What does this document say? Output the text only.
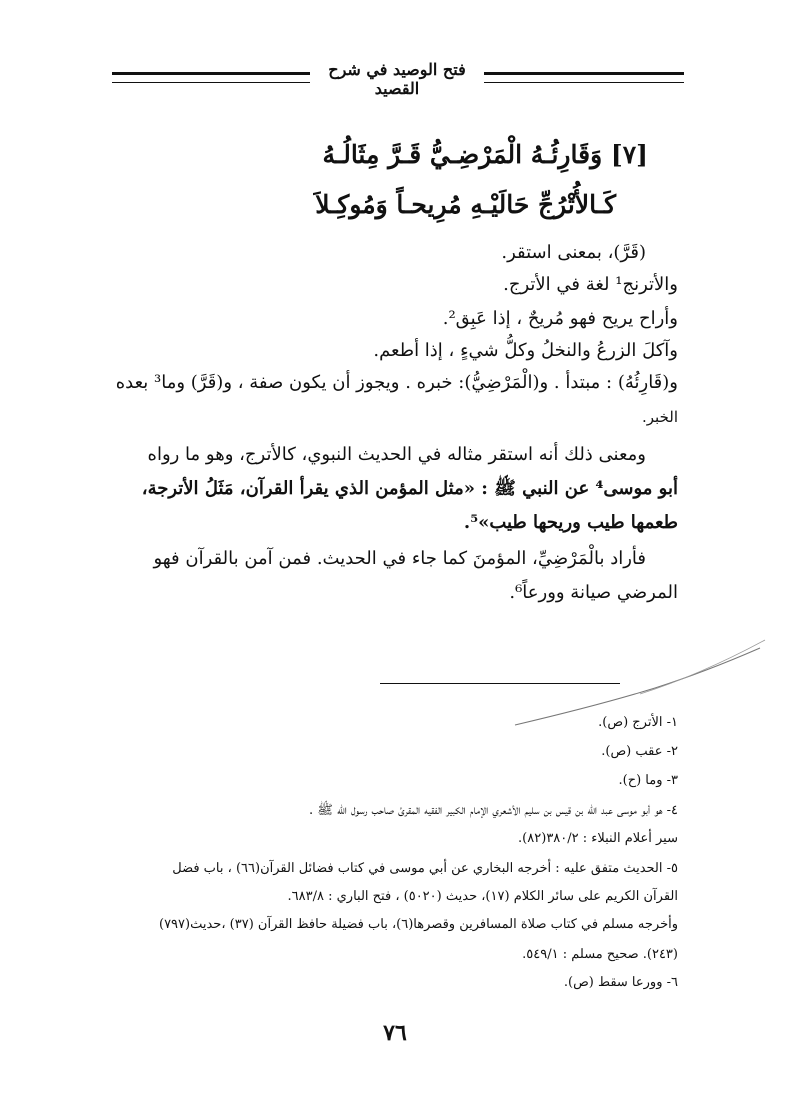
فتح الوصيد في شرح القصيد
[٧] وَقَارِئُـهُ الْمَرْضِـيُّ قَـرَّ مِثَالُـهُ
كَـالأُتْرُجِّ حَالَيْـهِ مُرِيحـاً وَمُوكِـلاَ
(قَرَّ)، بمعنى استقر.
والأترنج¹ لغة في الأترج.
وأراح يريح فهو مُريحٌ ، إذا عَبِق².
وآكلَ الزرعُ والنخلُ وكلُّ شيءٍ ، إذا أطعم.
و(قَارِئُهُ) : مبتدأ . و(الْمَرْضِيُّ): خبره . ويجوز أن يكون صفة ، و(قَرَّ) وما³ بعده
الخبر.
ومعنى ذلك أنه استقر مثاله في الحديث النبوي، كالأترج، وهو ما رواه
أبو موسى⁴ عن النبي ﷺ : «مثل المؤمن الذي يقرأ القرآن، مَثَلُ الأترجة،
طعمها طيب وريحها طيب»⁵.
فأراد بالْمَرْضِيِّ، المؤمنَ كما جاء في الحديث. فمن آمن بالقرآن فهو
المرضي صيانة وورعاً⁶.
١- الأترج (ص).
٢- عقب (ص).
٣- وما (ح).
٤- هو أبو موسى عبد الله بن قيس بن سليم الأشعري الإمام الكبير الفقيه المقرئ صاحب رسول الله ﷺ .
سير أعلام النبلاء : ٣٨٠/٢(٨٢).
٥- الحديث متفق عليه : أخرجه البخاري عن أبي موسى في كتاب فضائل القرآن(٦٦) ، باب فضل
القرآن الكريم على سائر الكلام (١٧)، حديث (٥٠٢٠) ، فتح الباري : ٦٨٣/٨.
وأخرجه مسلم في كتاب صلاة المسافرين وقصرها(٦)، باب فضيلة حافظ القرآن (٣٧) ،حديث(٧٩٧)
(٢٤٣). صحيح مسلم : ٥٤٩/١.
٦- وورعا سقط (ص).
٧٦
